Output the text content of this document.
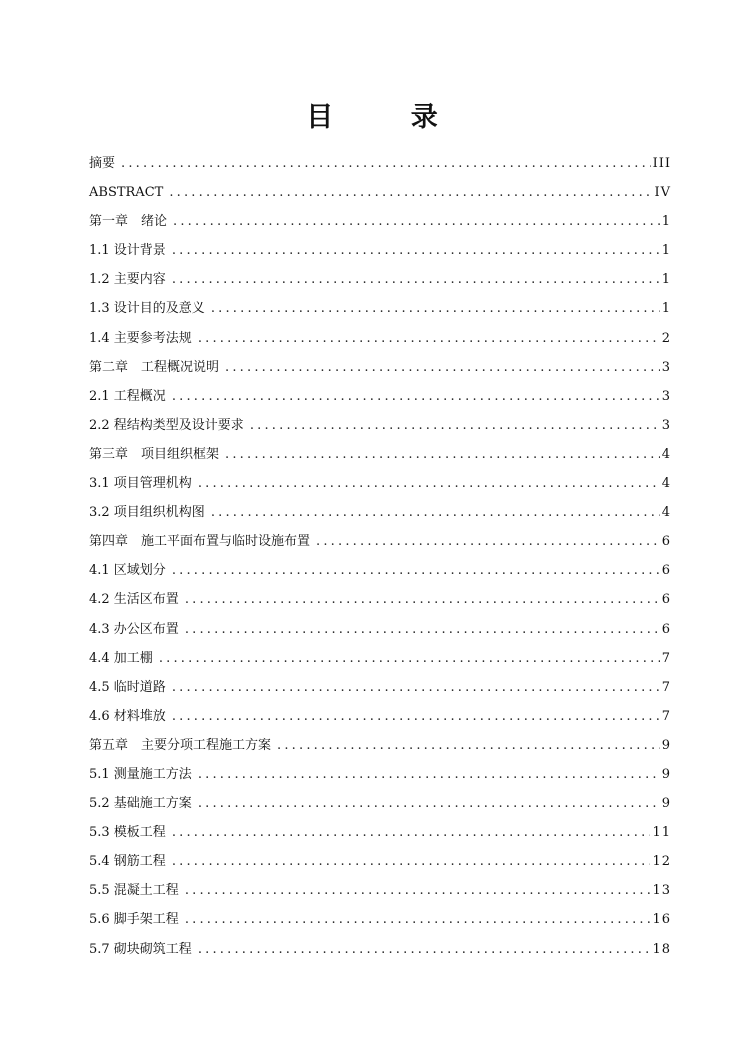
目 录
摘要 .....	III
ABSTRACT .....	IV
第一章　绪论 .....	1
1.1 设计背景 .....	1
1.2 主要内容 .....	1
1.3 设计目的及意义 .....	1
1.4 主要参考法规 .....	2
第二章　工程概况说明 .....	3
2.1 工程概况 .....	3
2.2 程结构类型及设计要求 .....	3
第三章　项目组织框架 .....	4
3.1 项目管理机构 .....	4
3.2 项目组织机构图 .....	4
第四章　施工平面布置与临时设施布置 .....	6
4.1 区域划分 .....	6
4.2 生活区布置 .....	6
4.3 办公区布置 .....	6
4.4 加工棚 .....	7
4.5 临时道路 .....	7
4.6 材料堆放 .....	7
第五章　主要分项工程施工方案 .....	9
5.1 测量施工方法 .....	9
5.2 基础施工方案 .....	9
5.3 模板工程 .....	11
5.4 钢筋工程 .....	12
5.5 混凝土工程 .....	13
5.6 脚手架工程 .....	16
5.7 砌块砌筑工程 .....	18
